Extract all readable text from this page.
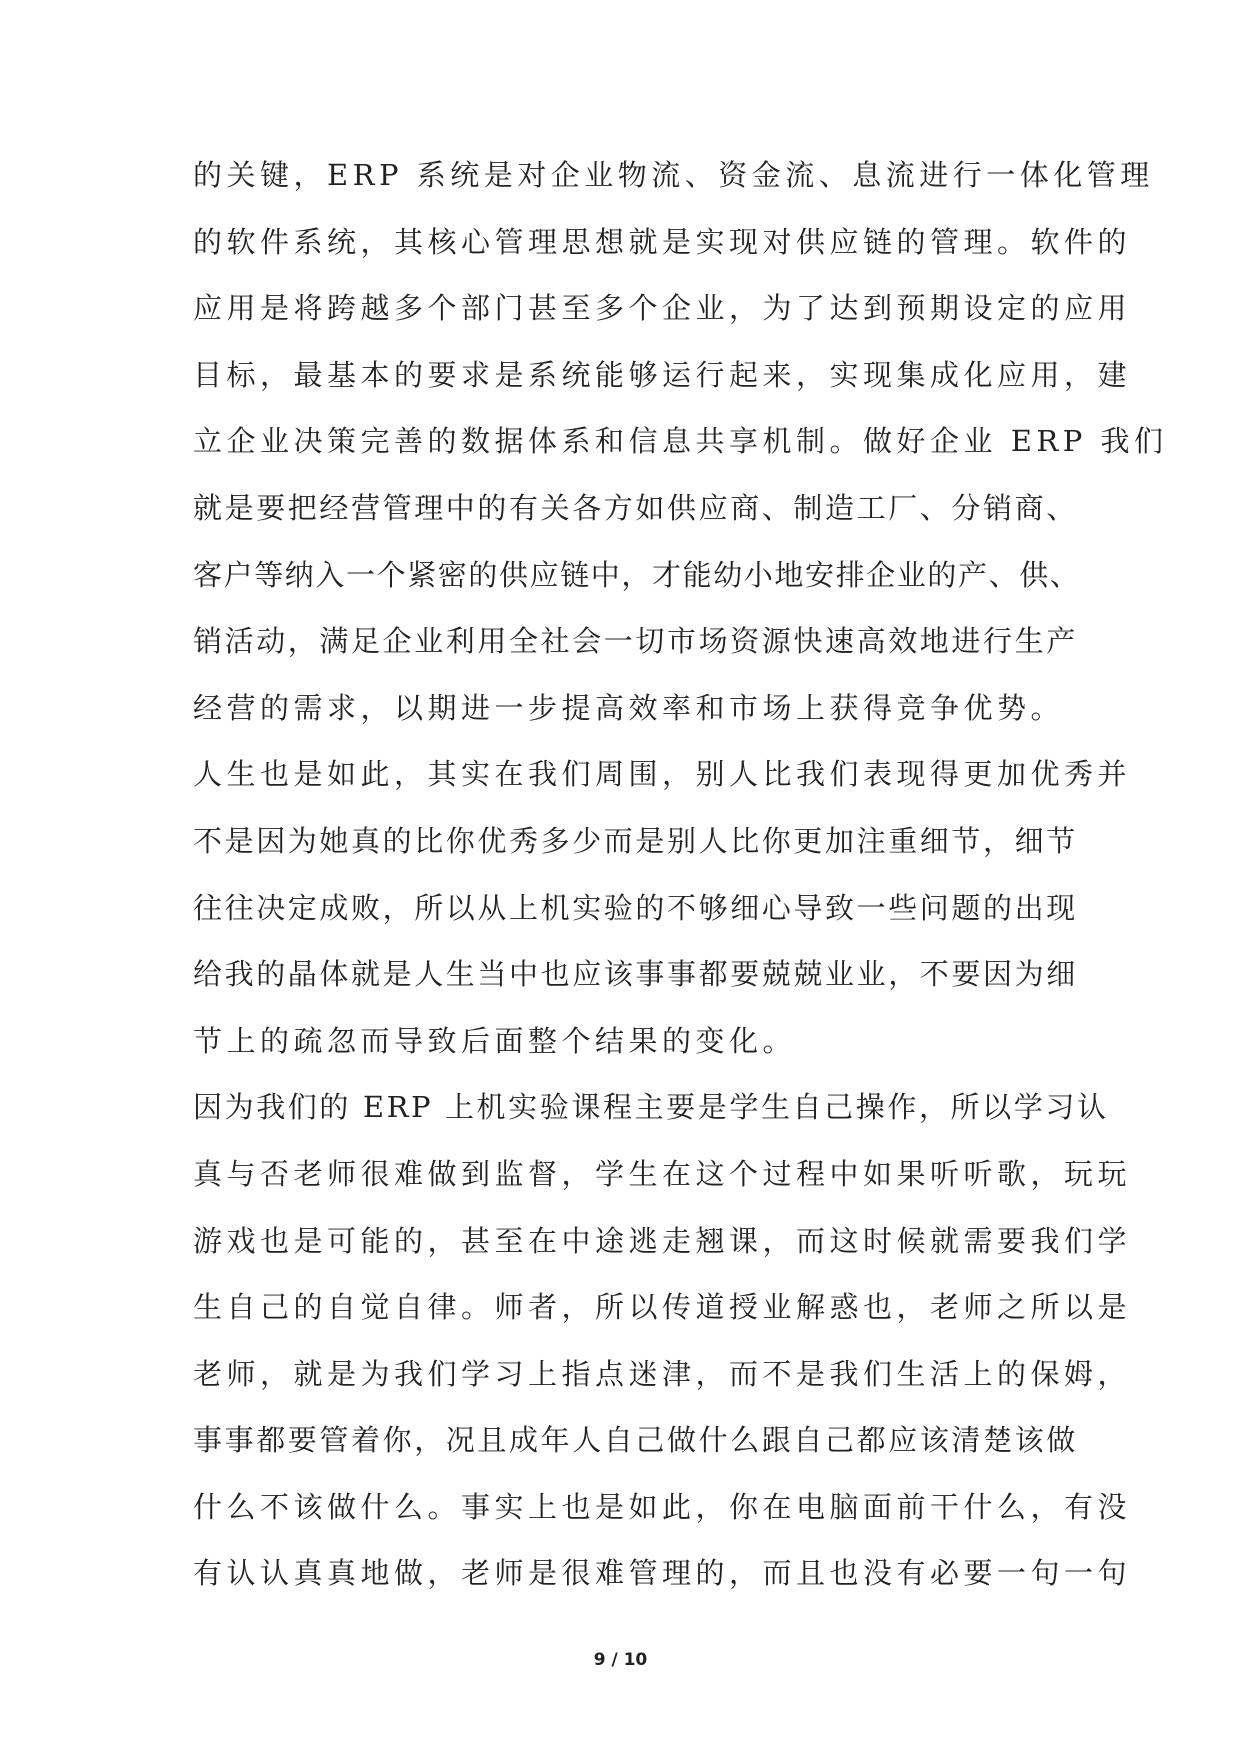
的关键，ERP 系统是对企业物流、资金流、息流进行一体化管理
的软件系统，其核心管理思想就是实现对供应链的管理。软件的
应用是将跨越多个部门甚至多个企业，为了达到预期设定的应用
目标，最基本的要求是系统能够运行起来，实现集成化应用，建
立企业决策完善的数据体系和信息共享机制。做好企业 ERP 我们
就是要把经营管理中的有关各方如供应商、制造工厂、分销商、
客户等纳入一个紧密的供应链中，才能幼小地安排企业的产、供、
销活动，满足企业利用全社会一切市场资源快速高效地进行生产
经营的需求，以期进一步提高效率和市场上获得竞争优势。
人生也是如此，其实在我们周围，别人比我们表现得更加优秀并
不是因为她真的比你优秀多少而是别人比你更加注重细节，细节
往往决定成败，所以从上机实验的不够细心导致一些问题的出现
给我的晶体就是人生当中也应该事事都要兢兢业业，不要因为细
节上的疏忽而导致后面整个结果的变化。
因为我们的 ERP 上机实验课程主要是学生自己操作，所以学习认
真与否老师很难做到监督，学生在这个过程中如果听听歌，玩玩
游戏也是可能的，甚至在中途逃走翘课，而这时候就需要我们学
生自己的自觉自律。师者，所以传道授业解惑也，老师之所以是
老师，就是为我们学习上指点迷津，而不是我们生活上的保姆，
事事都要管着你，况且成年人自己做什么跟自己都应该清楚该做
什么不该做什么。事实上也是如此，你在电脑面前干什么，有没
有认认真真地做，老师是很难管理的，而且也没有必要一句一句
9 / 10
